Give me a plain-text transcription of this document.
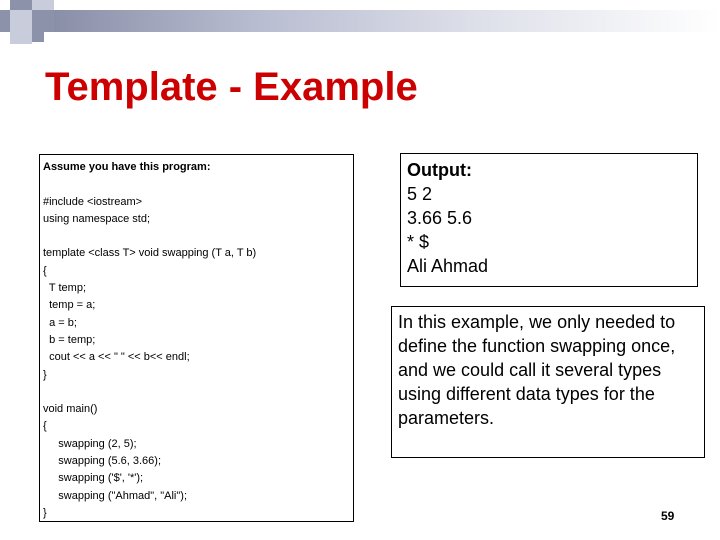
Template - Example
Assume you have this program:

#include <iostream>
using namespace std;

template <class T> void swapping (T a, T b)
{
T temp;
temp = a;
a = b;
b = temp;
cout << a << " " << b<< endl;
}

void main()
{
swapping (2, 5);
swapping (5.6, 3.66);
swapping ('$', '*');
swapping ("Ahmad", "Ali");
}
Output:
5 2
3.66 5.6
* $
Ali Ahmad
In this example, we only needed to define the function swapping once, and we could call it several types using different data types for the parameters.
59
